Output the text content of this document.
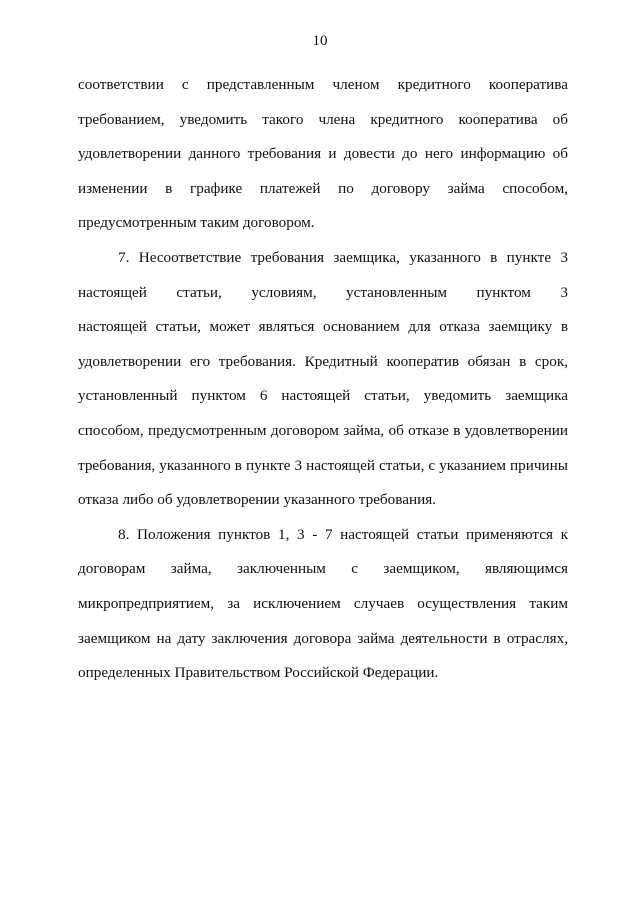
10
соответствии с представленным членом кредитного кооператива
требованием, уведомить такого члена кредитного кооператива об
удовлетворении данного требования и довести до него информацию об
изменении в графике платежей по договору займа способом,
предусмотренным таким договором.
7. Несоответствие требования заемщика, указанного в пункте 3
настоящей статьи, условиям, установленным пунктом 3
настоящей статьи, может являться основанием для отказа заемщику в
удовлетворении его требования. Кредитный кооператив обязан в срок,
установленный пунктом 6 настоящей статьи, уведомить заемщика
способом, предусмотренным договором займа, об отказе в удовлетворении
требования, указанного в пункте 3 настоящей статьи, с указанием причины
отказа либо об удовлетворении указанного требования.
8. Положения пунктов 1, 3 - 7 настоящей статьи применяются к
договорам займа, заключенным с заемщиком, являющимся
микропредприятием, за исключением случаев осуществления таким
заемщиком на дату заключения договора займа деятельности в отраслях,
определенных Правительством Российской Федерации.
